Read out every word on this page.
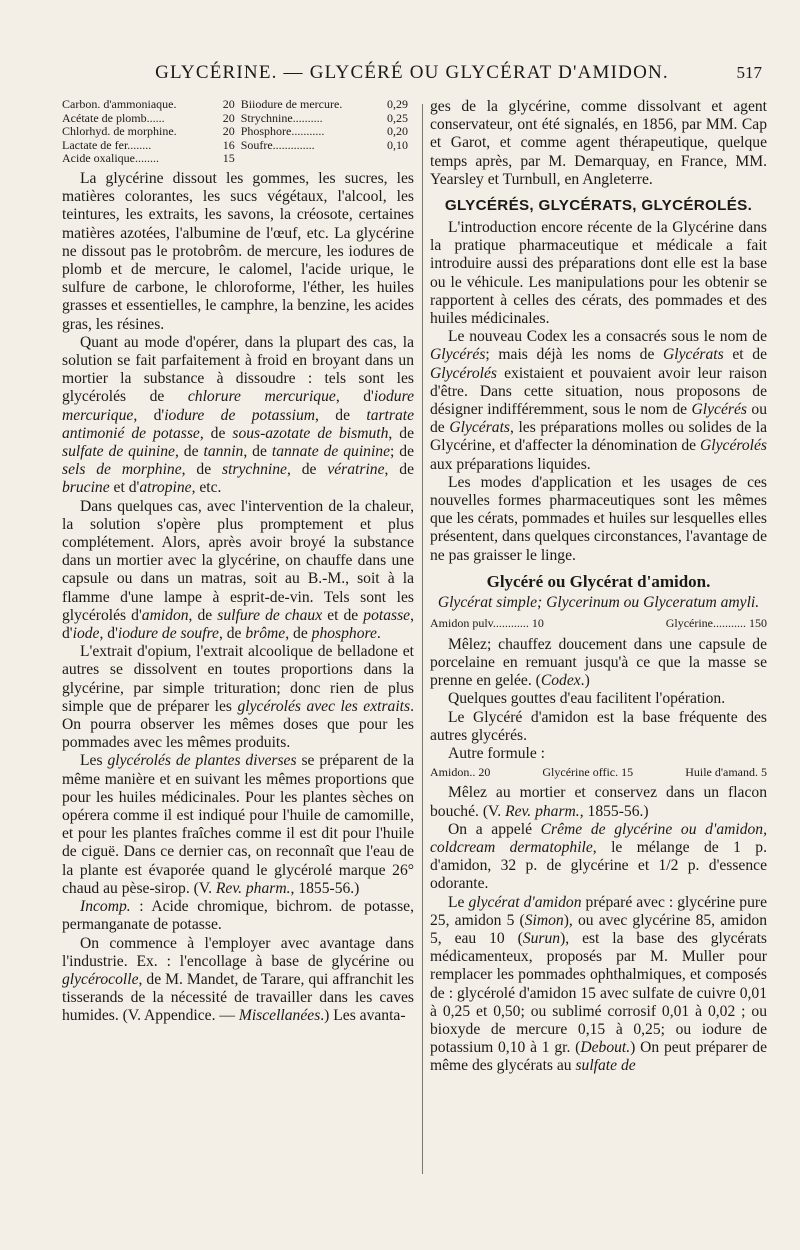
GLYCÉRINE. — GLYCÉRÉ OU GLYCÉRAT D'AMIDON.	517
Carbon. d'ammoniaque.	20	Biiodure de mercure.	0,29
Acétate de plomb......	20	Strychnine..........	0,25
Chlorhyd. de morphine.	20	Phosphore...........	0,20
Lactate de fer........	16	Soufre..............	0,10
Acide oxalique........	15		

La glycérine dissout les gommes, les sucres, les matières colorantes, les sucs végétaux, l'alcool, les teintures, les extraits, les savons, la créosote, certaines matières azotées, l'albumine de l'œuf, etc. La glycérine ne dissout pas le protobrôm. de mercure, les iodures de plomb et de mercure, le calomel, l'acide urique, le sulfure de carbone, le chloroforme, l'éther, les huiles grasses et essentielles, le camphre, la benzine, les acides gras, les résines.

Quant au mode d'opérer, dans la plupart des cas, la solution se fait parfaitement à froid en broyant dans un mortier la substance à dissoudre : tels sont les glycérolés de chlorure mercurique, d'iodure mercurique, d'iodure de potassium, de tartrate antimonié de potasse, de sous-azotate de bismuth, de sulfate de quinine, de tannin, de tannate de quinine; de sels de morphine, de strychnine, de vératrine, de brucine et d'atropine, etc.

Dans quelques cas, avec l'intervention de la chaleur, la solution s'opère plus promptement et plus complétement. Alors, après avoir broyé la substance dans un mortier avec la glycérine, on chauffe dans une capsule ou dans un matras, soit au B.-M., soit à la flamme d'une lampe à esprit-de-vin. Tels sont les glycérolés d'amidon, de sulfure de chaux et de potasse, d'iode, d'iodure de soufre, de brôme, de phosphore.

L'extrait d'opium, l'extrait alcoolique de belladone et autres se dissolvent en toutes proportions dans la glycérine, par simple trituration; donc rien de plus simple que de préparer les glycérolés avec les extraits. On pourra observer les mêmes doses que pour les pommades avec les mêmes produits.

Les glycérolés de plantes diverses se préparent de la même manière et en suivant les mêmes proportions que pour les huiles médicinales. Pour les plantes sèches on opérera comme il est indiqué pour l'huile de camomille, et pour les plantes fraîches comme il est dit pour l'huile de ciguë. Dans ce dernier cas, on reconnaît que l'eau de la plante est évaporée quand le glycérolé marque 26° chaud au pèse-sirop. (V. Rev. pharm., 1855-56.)

Incomp. : Acide chromique, bichrom. de potasse, permanganate de potasse.

On commence à l'employer avec avantage dans l'industrie. Ex. : l'encollage à base de glycérine ou glycérocolle, de M. Mandet, de Tarare, qui affranchit les tisserands de la nécessité de travailler dans les caves humides. (V. Appendice. — Miscellanées.) Les avanta-

ges de la glycérine, comme dissolvant et agent conservateur, ont été signalés, en 1856, par MM. Cap et Garot, et comme agent thérapeutique, quelque temps après, par M. Demarquay, en France, MM. Yearsley et Turnbull, en Angleterre.

GLYCÉRÉS, GLYCÉRATS, GLYCÉROLÉS.

L'introduction encore récente de la Glycérine dans la pratique pharmaceutique et médicale a fait introduire aussi des préparations dont elle est la base ou le véhicule. Les manipulations pour les obtenir se rapportent à celles des cérats, des pommades et des huiles médicinales.

Le nouveau Codex les a consacrés sous le nom de Glycérés; mais déjà les noms de Glycérats et de Glycérolés existaient et pouvaient avoir leur raison d'être. Dans cette situation, nous proposons de désigner indifféremment, sous le nom de Glycérés ou de Glycérats, les préparations molles ou solides de la Glycérine, et d'affecter la dénomination de Glycérolés aux préparations liquides.

Les modes d'application et les usages de ces nouvelles formes pharmaceutiques sont les mêmes que les cérats, pommades et huiles sur lesquelles elles présentent, dans quelques circonstances, l'avantage de ne pas graisser le linge.

Glycéré ou Glycérat d'amidon.
Glycérat simple; Glycerinum ou Glyceratum amyli.
Amidon pulv............ 10	Glycérine........... 150

Mêlez; chauffez doucement dans une capsule de porcelaine en remuant jusqu'à ce que la masse se prenne en gelée. (Codex.)

Quelques gouttes d'eau facilitent l'opération.

Le Glycéré d'amidon est la base fréquente des autres glycérés.

Autre formule :

Amidon.. 20	Glycérine offic. 15	Huile d'amand. 5

Mêlez au mortier et conservez dans un flacon bouché. (V. Rev. pharm., 1855-56.)

On a appelé Crême de glycérine ou d'amidon, coldcream dermatophile, le mélange de 1 p. d'amidon, 32 p. de glycérine et 1/2 p. d'essence odorante.

Le glycérat d'amidon préparé avec : glycérine pure 25, amidon 5 (Simon), ou avec glycérine 85, amidon 5, eau 10 (Surun), est la base des glycérats médicamenteux, proposés par M. Muller pour remplacer les pommades ophthalmiques, et composés de : glycérolé d'amidon 15 avec sulfate de cuivre 0,01 à 0,25 et 0,50; ou sublimé corrosif 0,01 à 0,02 ; ou bioxyde de mercure 0,15 à 0,25; ou iodure de potassium 0,10 à 1 gr. (Debout.) On peut préparer de même des glycérats au sulfate de
